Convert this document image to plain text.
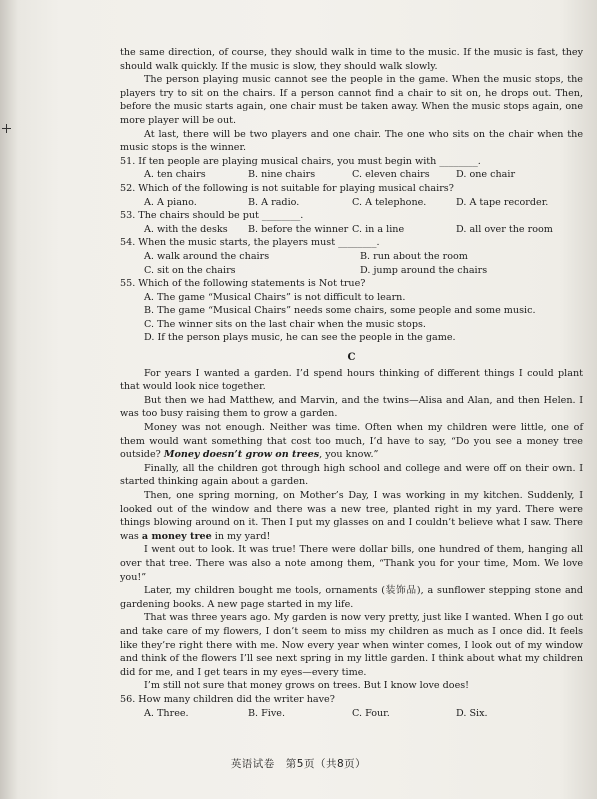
the same direction, of course, they should walk in time to the music. If the music is fast, they should walk quickly. If the music is slow, they should walk slowly.

The person playing music cannot see the people in the game. When the music stops, the players try to sit on the chairs. If a person cannot find a chair to sit on, he drops out. Then, before the music starts again, one chair must be taken away. When the music stops again, one more player will be out.

At last, there will be two players and one chair. The one who sits on the chair when the music stops is the winner.

51. If ten people are playing musical chairs, you must begin with ________.

A. ten chairs	B. nine chairs	C. eleven chairs	D. one chair

52. Which of the following is not suitable for playing musical chairs?

A. A piano.	B. A radio.	C. A telephone.	D. A tape recorder.

53. The chairs should be put ________.

A. with the desks	B. before the winner C. in a line	D. all over the room

54. When the music starts, the players must ________.

A. walk around the chairs	B. run about the room
C. sit on the chairs	D. jump around the chairs

55. Which of the following statements is Not true?

A. The game “Musical Chairs” is not difficult to learn.

B. The game “Musical Chairs” needs some chairs, some people and some music.

C. The winner sits on the last chair when the music stops.

D. If the person plays music, he can see the people in the game.

C

For years I wanted a garden. I’d spend hours thinking of different things I could plant that would look nice together.

But then we had Matthew, and Marvin, and the twins—Alisa and Alan, and then Helen. I was too busy raising them to grow a garden.

Money was not enough. Neither was time. Often when my children were little, one of them would want something that cost too much, I’d have to say, “Do you see a money tree outside? Money doesn’t grow on trees, you know.”

Finally, all the children got through high school and college and were off on their own. I started thinking again about a garden.

Then, one spring morning, on Mother’s Day, I was working in my kitchen. Suddenly, I looked out of the window and there was a new tree, planted right in my yard. There were things blowing around on it. Then I put my glasses on and I couldn’t believe what I saw. There was a money tree in my yard!

I went out to look. It was true! There were dollar bills, one hundred of them, hanging all over that tree. There was also a note among them, “Thank you for your time, Mom. We love you!”

Later, my children bought me tools, ornaments (装饰品), a sunflower stepping stone and gardening books. A new page started in my life.

That was three years ago. My garden is now very pretty, just like I wanted. When I go out and take care of my flowers, I don’t seem to miss my children as much as I once did. It feels like they’re right there with me. Now every year when winter comes, I look out of my window and think of the flowers I’ll see next spring in my little garden. I think about what my children did for me, and I get tears in my eyes—every time.

I’m still not sure that money grows on trees. But I know love does!

56. How many children did the writer have?

A. Three.	B. Five.	C. Four.	D. Six.
英语试卷　第5页（共8页）
